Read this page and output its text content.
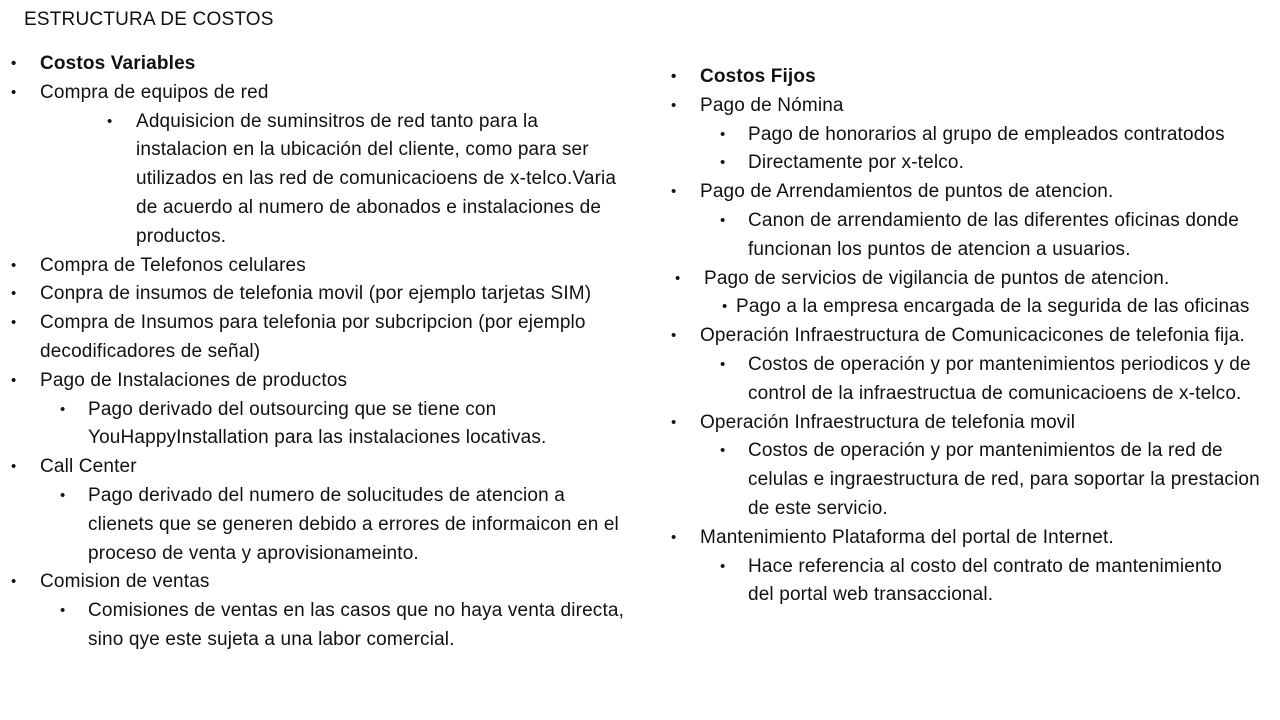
ESTRUCTURA DE COSTOS
• Costos Variables
• Compra de equipos de red
• Adquisicion de suminsitros de red tanto para la instalacion en la ubicación del cliente, como para ser utilizados en las red de comunicacioens de x-telco.Varia de acuerdo al numero de abonados e instalaciones de productos.
• Compra de Telefonos celulares
• Conpra de insumos de telefonia movil (por ejemplo tarjetas SIM)
• Compra de Insumos para telefonia por subcripcion (por ejemplo decodificadores de señal)
• Pago de Instalaciones de productos
• Pago derivado del outsourcing que se tiene con YouHappyInstallation para las instalaciones locativas.
• Call Center
• Pago derivado del numero de solucitudes de atencion a clienets que se generen debido a errores de informaicon en el proceso de venta y aprovisionameinto.
• Comision de ventas
• Comisiones de ventas en las casos que no haya venta directa, sino qye este sujeta a una labor comercial.
• Costos Fijos
• Pago de Nómina
• Pago de honorarios al grupo de empleados contratodos
• Directamente por x-telco.
• Pago de Arrendamientos de puntos de atencion.
• Canon de arrendamiento de las diferentes oficinas donde funcionan los puntos de atencion a usuarios.
• Pago de servicios de vigilancia de puntos de atencion.
• Pago a la empresa encargada de la segurida de las oficinas
• Operación Infraestructura de Comunicacicones de telefonia fija.
• Costos de operación y por mantenimientos periodicos y de control de la infraestructua de comunicacioens de x-telco.
• Operación Infraestructura de telefonia movil
• Costos de operación y por mantenimientos de la red de celulas e ingraestructura de red, para soportar la prestacion de este servicio.
• Mantenimiento Plataforma del portal de Internet.
• Hace referencia al costo del contrato de mantenimiento del portal web transaccional.
